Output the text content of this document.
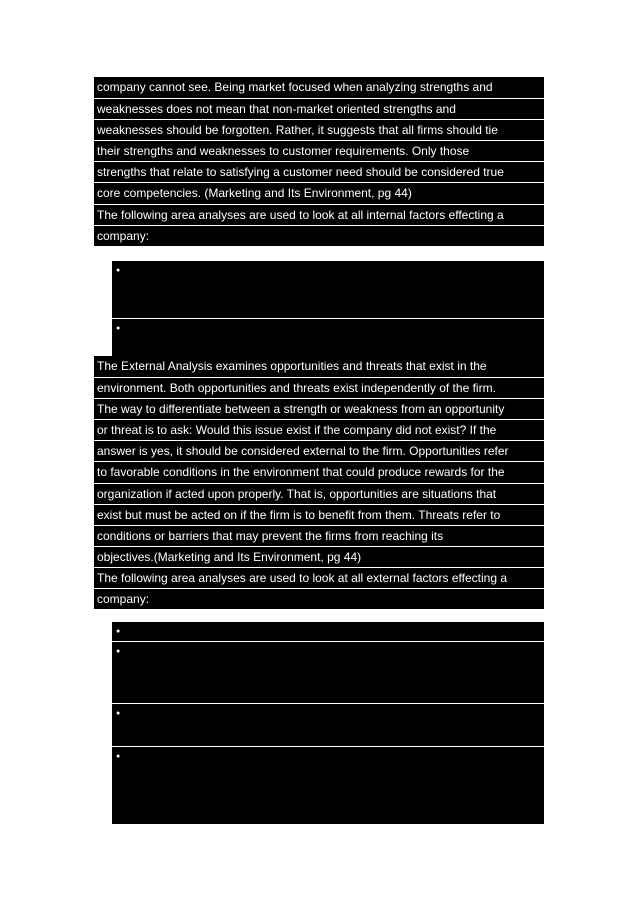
company cannot see. Being market focused when analyzing strengths and
weaknesses does not mean that non-market oriented strengths and
weaknesses should be forgotten. Rather, it suggests that all firms should tie
their strengths and weaknesses to customer requirements. Only those
strengths that relate to satisfying a customer need should be considered true
core competencies. (Marketing and Its Environment, pg 44)
The following area analyses are used to look at all internal factors effecting a
company:
● Resources: Profitability, sales, product quality brand associations,
existing overall brand, relative cost of this new product, employee
capability, product portfolio analysis
● Capabilities: Goal: To identify internal strategic strengths, weaknesses,
problems, constraints and uncertainties
The External Analysis examines opportunities and threats that exist in the
environment. Both opportunities and threats exist independently of the firm.
The way to differentiate between a strength or weakness from an opportunity
or threat is to ask: Would this issue exist if the company did not exist? If the
answer is yes, it should be considered external to the firm. Opportunities refer
to favorable conditions in the environment that could produce rewards for the
organization if acted upon properly. That is, opportunities are situations that
exist but must be acted on if the firm is to benefit from them. Threats refer to
conditions or barriers that may prevent the firms from reaching its
objectives.(Marketing and Its Environment, pg 44)
The following area analyses are used to look at all external factors effecting a
company:
● Customer analysis: Segments, motivations, unmet needs
● Competitive analysis: Identify completely, put in strategic groups,
evaluate performance, image, their objectives, strategies, culture, cost
structure, strengths, weakness
● Market analysis: Overall size, projected growth, profitability, entry
barriers, cost structure, distribution system, trends, key success factors
● Environmental analysis: Technological, governmental, economic,
cultural, demographic, scenarios, information-need areas Goal: To
identify external opportunities, threats, trends, and strategic
uncertainties
